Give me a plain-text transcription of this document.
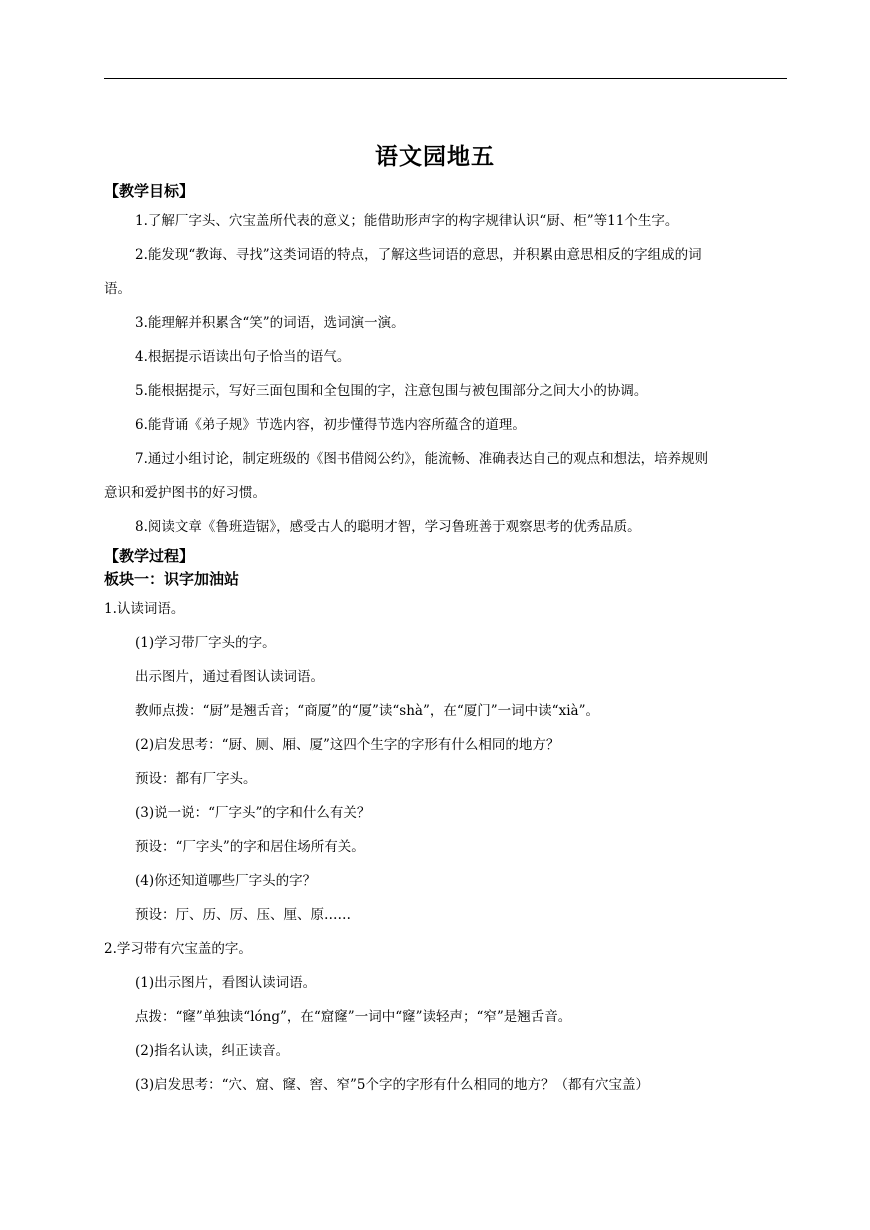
语文园地五
【教学目标】
1.了解厂字头、穴宝盖所代表的意义；能借助形声字的构字规律认识“厨、柜”等11个生字。
2.能发现“教诲、寻找”这类词语的特点，了解这些词语的意思，并积累由意思相反的字组成的词
语。
3.能理解并积累含“笑”的词语，选词演一演。
4.根据提示语读出句子恰当的语气。
5.能根据提示，写好三面包围和全包围的字，注意包围与被包围部分之间大小的协调。
6.能背诵《弟子规》节选内容，初步懂得节选内容所蕴含的道理。
7.通过小组讨论，制定班级的《图书借阅公约》，能流畅、准确表达自己的观点和想法，培养规则
意识和爱护图书的好习惯。
8.阅读文章《鲁班造锯》，感受古人的聪明才智，学习鲁班善于观察思考的优秀品质。
【教学过程】
板块一：识字加油站
1.认读词语。
(1)学习带厂字头的字。
出示图片，通过看图认读词语。
教师点拨：“厨”是翘舌音；“商厦”的“厦”读“shà”，在“厦门”一词中读“xià”。
(2)启发思考：“厨、厕、厢、厦”这四个生字的字形有什么相同的地方？
预设：都有厂字头。
(3)说一说：“厂字头”的字和什么有关？
预设：“厂字头”的字和居住场所有关。
(4)你还知道哪些厂字头的字？
预设：厅、历、厉、压、厘、原……
2.学习带有穴宝盖的字。
(1)出示图片，看图认读词语。
点拨：“窿”单独读“lóng”，在“窟窿”一词中“窿”读轻声；“窄”是翘舌音。
(2)指名认读，纠正读音。
(3)启发思考：“穴、窟、窿、窖、窄”5个字的字形有什么相同的地方？（都有穴宝盖）
